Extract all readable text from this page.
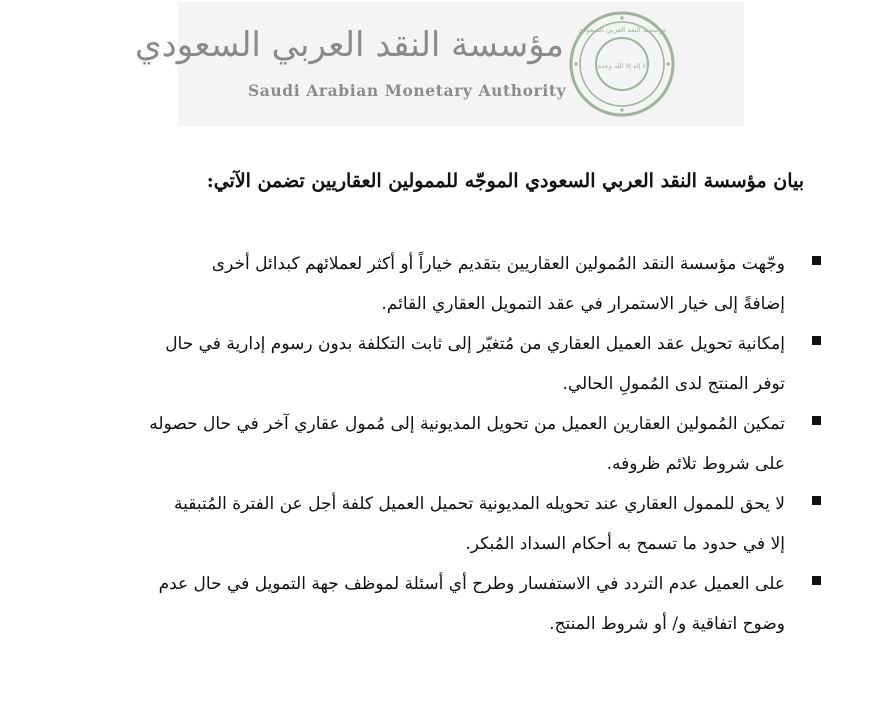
مؤسسة النقد العربي السعودي
Saudi Arabian Monetary Authority
مؤسسة النقد العربي السعودي
لا إله إلا الله وحده
بيان مؤسسة النقد العربي السعودي الموجّه للممولين العقاريين تضمن الآتي:
وجّهت مؤسسة النقد المُمولين العقاريين بتقديم خياراً أو أكثر لعملائهم كبدائل أخرى
إضافةً إلى خيار الاستمرار في عقد التمويل العقاري القائم.
إمكانية تحويل عقد العميل العقاري من مُتغيّر إلى ثابت التكلفة بدون رسوم إدارية في حال
توفر المنتج لدى المُمولِ الحالي.
تمكين المُمولين العقارين العميل من تحويل المديونية إلى مُمول عقاري آخر في حال حصوله
على شروط تلائم ظروفه.
لا يحق للممول العقاري عند تحويله المديونية تحميل العميل كلفة أجل عن الفترة المُتبقية
إلا في حدود ما تسمح به أحكام السداد المُبكر.
على العميل عدم التردد في الاستفسار وطرح أي أسئلة لموظف جهة التمويل في حال عدم
وضوح اتفاقية و/ أو شروط المنتج.
